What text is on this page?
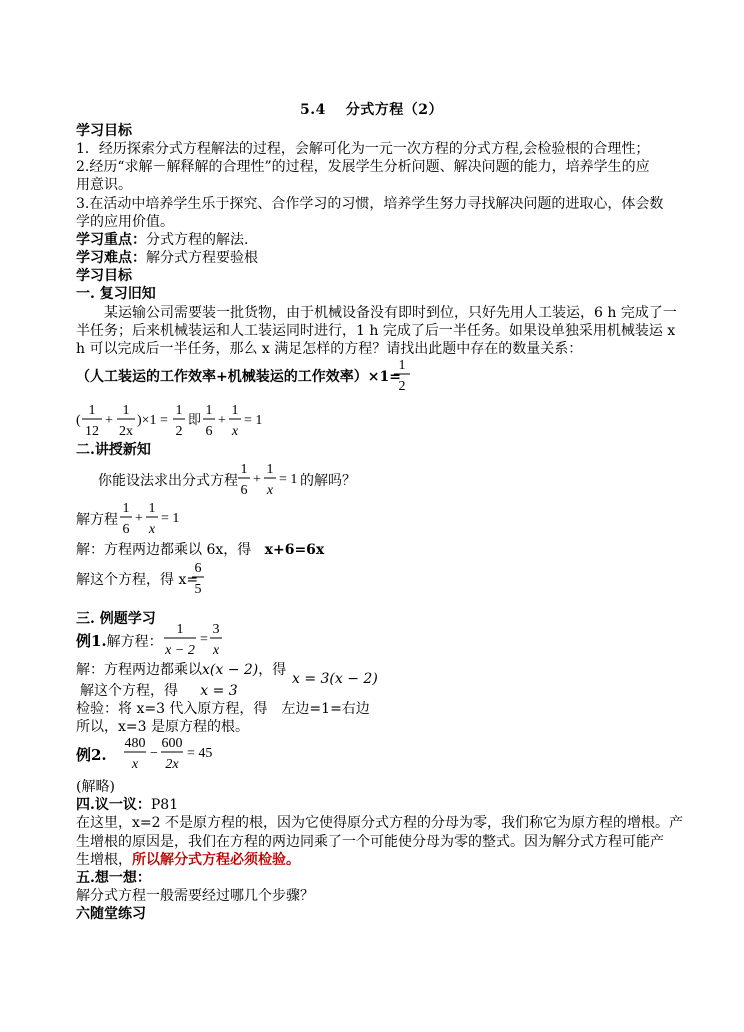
5.4　 分式方程（2）
学习目标
1．经历探索分式方程解法的过程，会解可化为一元一次方程的分式方程,会检验根的合理性；
2.经历“求解－解释解的合理性”的过程，发展学生分析问题、解决问题的能力，培养学生的应
用意识。
3.在活动中培养学生乐于探究、合作学习的习惯，培养学生努力寻找解决问题的进取心，体会数
学的应用价值。
学习重点：分式方程的解法.
学习难点：解分式方程要验根
学习目标
一. 复习旧知
某运输公司需要装一批货物，由于机械设备没有即时到位，只好先用人工装运，6 h 完成了一
半任务；后来机械装运和人工装运同时进行，1 h 完成了后一半任务。如果设单独采用机械装运 x
h 可以完成后一半任务，那么 x 满足怎样的方程？请找出此题中存在的数量关系：
（人工装运的工作效率+机械装运的工作效率）×1=
1
2
(
1
12
+
1
2x
)×1 =
1
2
即
1
6
+
1
x
= 1
二.讲授新知
你能设法求出分式方程
1
6
+
1
x
= 1 的解吗？
解方程
1
6
+
1
x
= 1
解：方程两边都乘以 6x，得 x+6=6x
解这个方程，得 x=
6
5
三. 例题学习
例1.解方程：
1
x − 2
=
3
x
解：方程两边都乘以x(x − 2)，得
x = 3(x − 2)
解这个方程，得 x = 3
检验：将 x=3 代入原方程，得　左边=1=右边
所以，x=3 是原方程的根。
例2.
480
x
−
600
2x
= 45
(解略)
四.议一议：P81
在这里，x=2 不是原方程的根，因为它使得原分式方程的分母为零，我们称它为原方程的增根。产
生增根的原因是，我们在方程的两边同乘了一个可能使分母为零的整式。因为解分式方程可能产
生增根，所以解分式方程必须检验。
五.想一想：
解分式方程一般需要经过哪几个步骤？
六随堂练习
